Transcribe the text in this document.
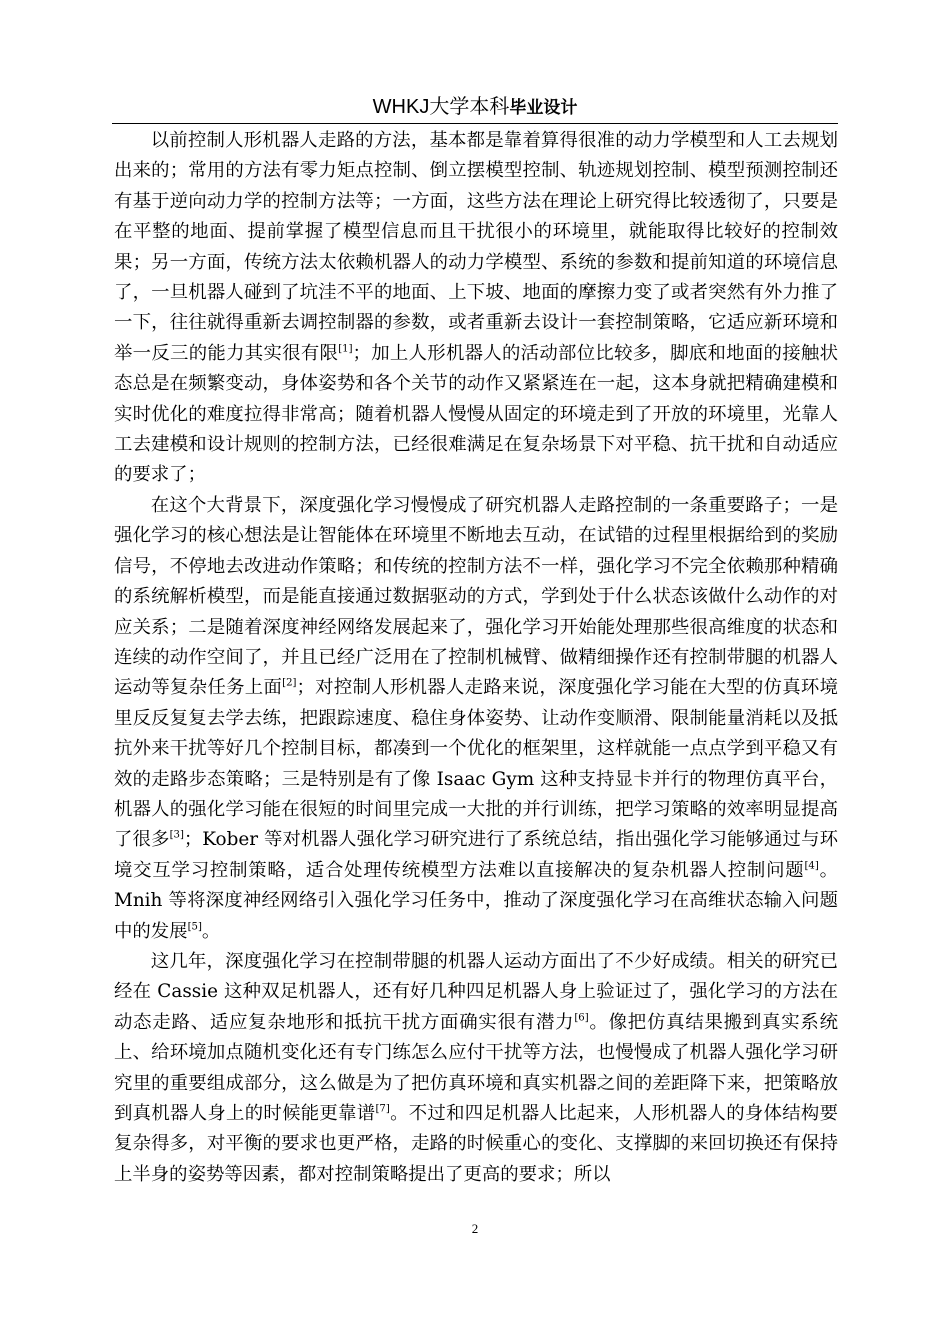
WHKJ大学本科毕业设计

以前控制人形机器人走路的方法，基本都是靠着算得很准的动力学模型和人工去规划出来的；常用的方法有零力矩点控制、倒立摆模型控制、轨迹规划控制、模型预测控制还有基于逆向动力学的控制方法等；一方面，这些方法在理论上研究得比较透彻了，只要是在平整的地面、提前掌握了模型信息而且干扰很小的环境里，就能取得比较好的控制效果；另一方面，传统方法太依赖机器人的动力学模型、系统的参数和提前知道的环境信息了，一旦机器人碰到了坑洼不平的地面、上下坡、地面的摩擦力变了或者突然有外力推了一下，往往就得重新去调控制器的参数，或者重新去设计一套控制策略，它适应新环境和举一反三的能力其实很有限[1]；加上人形机器人的活动部位比较多，脚底和地面的接触状态总是在频繁变动，身体姿势和各个关节的动作又紧紧连在一起，这本身就把精确建模和实时优化的难度拉得非常高；随着机器人慢慢从固定的环境走到了开放的环境里，光靠人工去建模和设计规则的控制方法，已经很难满足在复杂场景下对平稳、抗干扰和自动适应的要求了；

在这个大背景下，深度强化学习慢慢成了研究机器人走路控制的一条重要路子；一是强化学习的核心想法是让智能体在环境里不断地去互动，在试错的过程里根据给到的奖励信号，不停地去改进动作策略；和传统的控制方法不一样，强化学习不完全依赖那种精确的系统解析模型，而是能直接通过数据驱动的方式，学到处于什么状态该做什么动作的对应关系；二是随着深度神经网络发展起来了，强化学习开始能处理那些很高维度的状态和连续的动作空间了，并且已经广泛用在了控制机械臂、做精细操作还有控制带腿的机器人运动等复杂任务上面[2]；对控制人形机器人走路来说，深度强化学习能在大型的仿真环境里反反复复去学去练，把跟踪速度、稳住身体姿势、让动作变顺滑、限制能量消耗以及抵抗外来干扰等好几个控制目标，都凑到一个优化的框架里，这样就能一点点学到平稳又有效的走路步态策略；三是特别是有了像 Isaac Gym 这种支持显卡并行的物理仿真平台，机器人的强化学习能在很短的时间里完成一大批的并行训练，把学习策略的效率明显提高了很多[3]；Kober 等对机器人强化学习研究进行了系统总结，指出强化学习能够通过与环境交互学习控制策略，适合处理传统模型方法难以直接解决的复杂机器人控制问题[4]。Mnih 等将深度神经网络引入强化学习任务中，推动了深度强化学习在高维状态输入问题中的发展[5]。

这几年，深度强化学习在控制带腿的机器人运动方面出了不少好成绩。相关的研究已经在 Cassie 这种双足机器人，还有好几种四足机器人身上验证过了，强化学习的方法在动态走路、适应复杂地形和抵抗干扰方面确实很有潜力[6]。像把仿真结果搬到真实系统上、给环境加点随机变化还有专门练怎么应付干扰等方法，也慢慢成了机器人强化学习研究里的重要组成部分，这么做是为了把仿真环境和真实机器之间的差距降下来，把策略放到真机器人身上的时候能更靠谱[7]。不过和四足机器人比起来，人形机器人的身体结构要复杂得多，对平衡的要求也更严格，走路的时候重心的变化、支撑脚的来回切换还有保持上半身的姿势等因素，都对控制策略提出了更高的要求；所以

2
